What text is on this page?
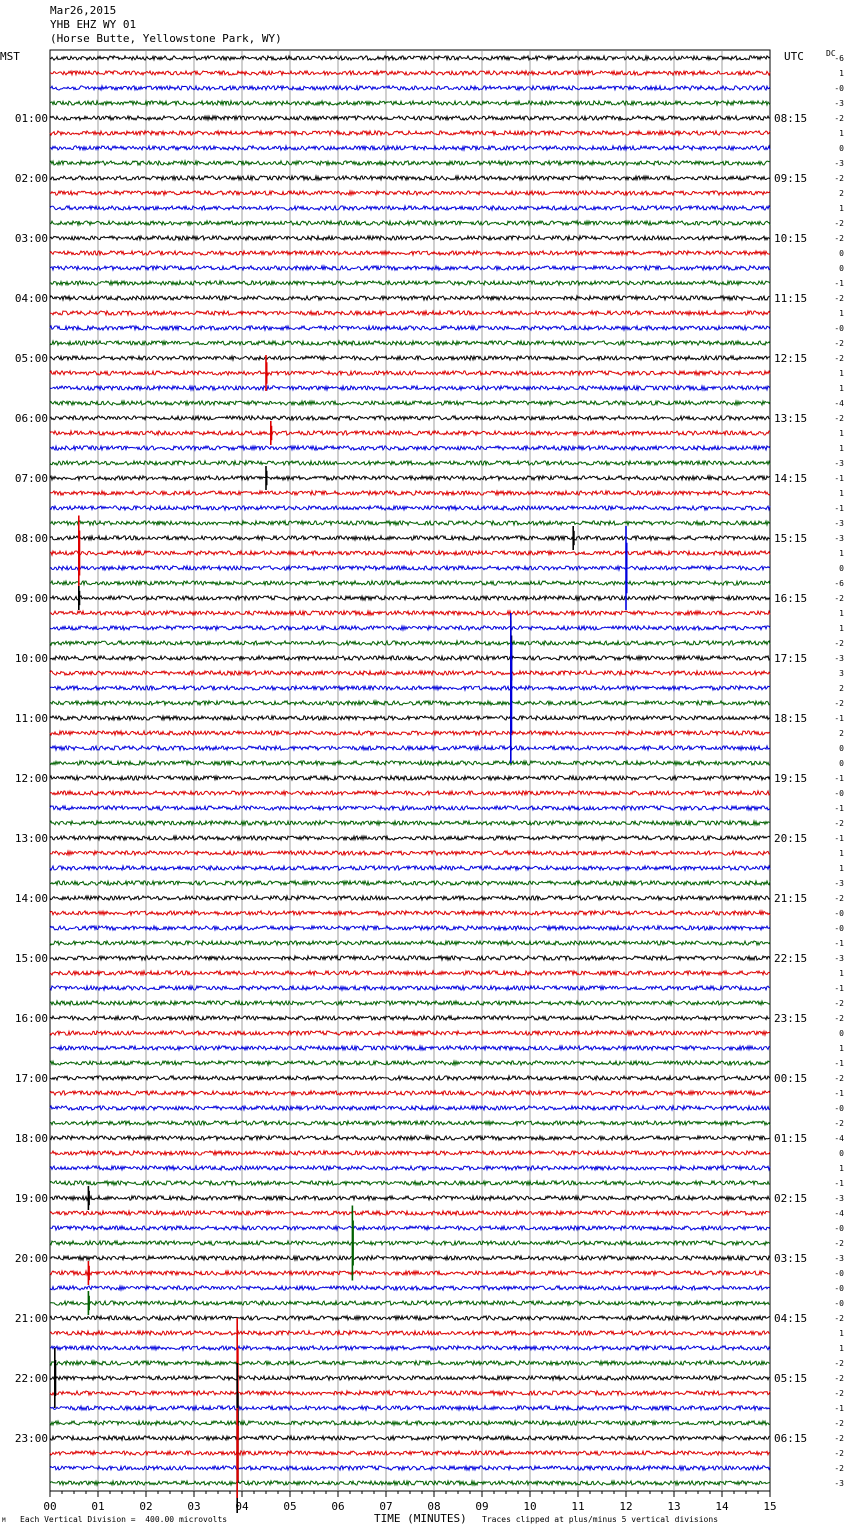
Mar26,2015
YHB EHZ WY 01
(Horse Butte, Yellowstone Park, WY)
MST	UTC	DC
00	01	02	03	04	05	06	07	08	09	10	11	12	13	14	15
-6
1
-0
-3
-2
1
0
-3
-2
2
1
-2
-2
0
0
-1
-2
1
-0
-2
-2
1
1
-4
-2
1
1
-3
-1
1
-1
-3
-3
1
0
-6
-2
1
1
-2
-3
3
2
-2
-1
2
0
0
-1
-0
-1
-2
-1
1
1
-3
-2
-0
-0
-1
-3
1
-1
-2
-2
0
1
-1
-2
-1
-0
-2
-4
0
1
-1
-3
-4
-0
-2
-3
-0
-0
-0
-2
1
1
-2
-2
-2
-1
-2
-2
-2
-2
-3
01:00
02:00
03:00
04:00
05:00
06:00
07:00
08:00
09:00
10:00
11:00
12:00
13:00
14:00
15:00
16:00
17:00
18:00
19:00
20:00
21:00
22:00
23:00
08:15
09:15
10:15
11:15
12:15
13:15
14:15
15:15
16:15
17:15
18:15
19:15
20:15
21:15
22:15
23:15
00:15
01:15
02:15
03:15
04:15
05:15
06:15
M Each Vertical Division =  400.00 microvolts	TIME (MINUTES) Traces clipped at plus/minus 5 vertical divisions
